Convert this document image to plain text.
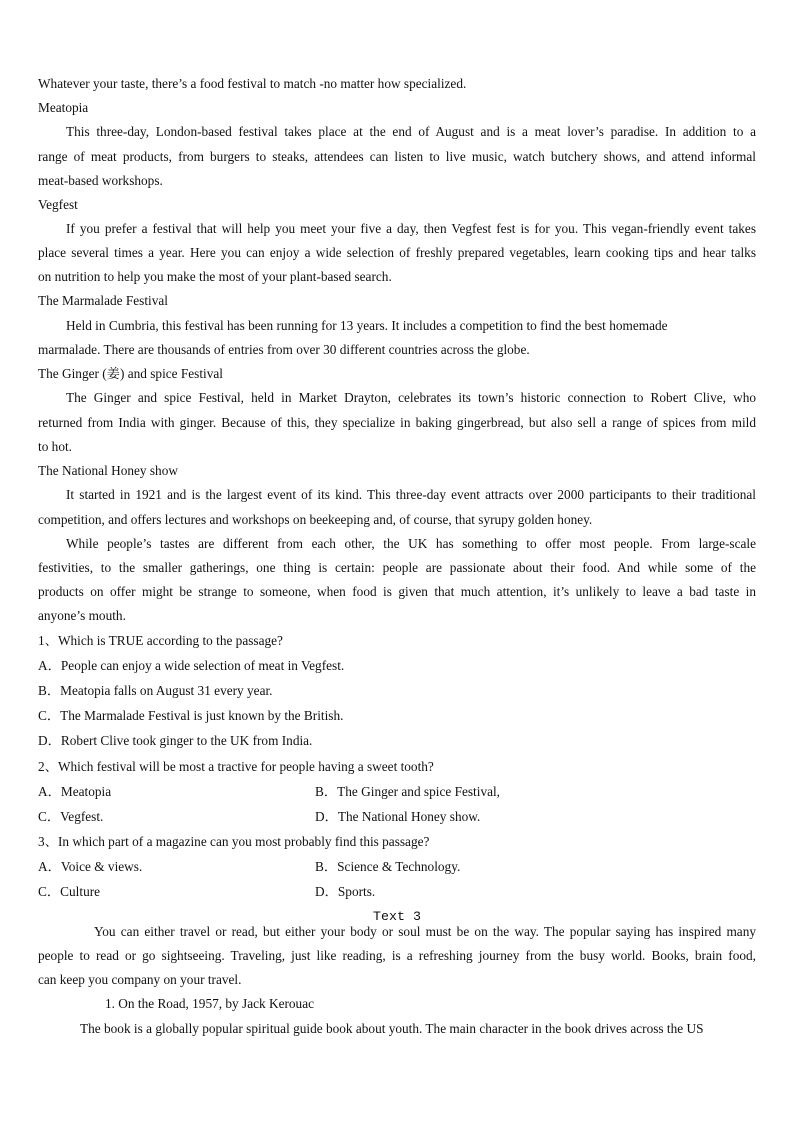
Whatever your taste, there’s a food festival to match -no matter how specialized.
Meatopia
This three-day, London-based festival takes place at the end of August and is a meat lover’s paradise. In addition to a
range of meat products, from burgers to steaks, attendees can listen to live music, watch butchery shows, and attend informal
meat-based workshops.
Vegfest
If you prefer a festival that will help you meet your five a day, then Vegfest fest is for you. This vegan-friendly event takes
place several times a year. Here you can enjoy a wide selection of freshly prepared vegetables, learn cooking tips and hear talks
on nutrition to help you make the most of your plant-based search.
The Marmalade Festival
Held in Cumbria, this festival has been running for 13 years. It includes a competition to find the best homemade
marmalade. There are thousands of entries from over 30 different countries across the globe.
The Ginger (姜) and spice Festival
The Ginger and spice Festival, held in Market Drayton, celebrates its town’s historic connection to Robert Clive, who
returned from India with ginger. Because of this, they specialize in baking gingerbread, but also sell a range of spices from mild
to hot.
The National Honey show
It started in 1921 and is the largest event of its kind. This three-day event attracts over 2000 participants to their traditional
competition, and offers lectures and workshops on beekeeping and, of course, that syrupy golden honey.
While people’s tastes are different from each other, the UK has something to offer most people. From large-scale
festivities, to the smaller gatherings, one thing is certain: people are passionate about their food. And while some of the
products on offer might be strange to someone, when food is given that much attention, it’s unlikely to leave a bad taste in
anyone’s mouth.
1、Which is TRUE according to the passage?
A．People can enjoy a wide selection of meat in Vegfest.
B．Meatopia falls on August 31 every year.
C．The Marmalade Festival is just known by the British.
D．Robert Clive took ginger to the UK from India.
2、Which festival will be most a tractive for people having a sweet tooth?
A．Meatopia	B．The Ginger and spice Festival,
C．Vegfest.	D．The National Honey show.
3、In which part of a magazine can you most probably find this passage?
A．Voice & views.	B．Science & Technology.
C．Culture	D．Sports.
Text 3
You can either travel or read, but either your body or soul must be on the way. The popular saying has inspired many
people to read or go sightseeing. Traveling, just like reading, is a refreshing journey from the busy world. Books, brain food,
can keep you company on your travel.
1. On the Road, 1957, by Jack Kerouac
The book is a globally popular spiritual guide book about youth. The main character in the book drives across the US
